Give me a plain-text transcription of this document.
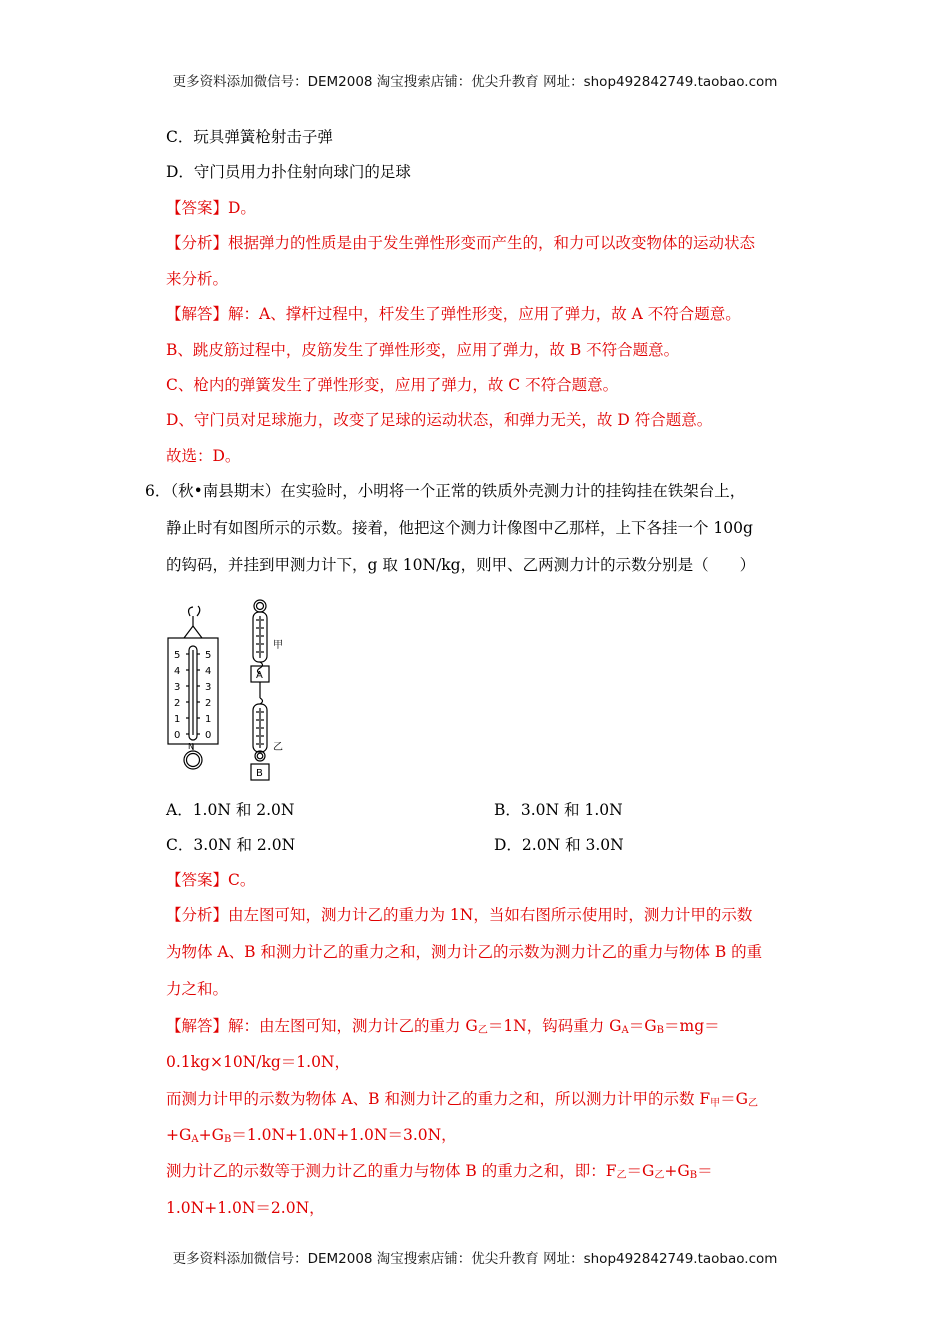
更多资料添加微信号：DEM2008 淘宝搜索店铺：优尖升教育 网址：shop492842749.taobao.com
C．玩具弹簧枪射击子弹
D．守门员用力扑住射向球门的足球
【答案】D。
【分析】根据弹力的性质是由于发生弹性形变而产生的，和力可以改变物体的运动状态
来分析。
【解答】解：A、撑杆过程中，杆发生了弹性形变，应用了弹力，故 A 不符合题意。
B、跳皮筋过程中，皮筋发生了弹性形变，应用了弹力，故 B 不符合题意。
C、枪内的弹簧发生了弹性形变，应用了弹力，故 C 不符合题意。
D、守门员对足球施力，改变了足球的运动状态，和弹力无关，故 D 符合题意。
故选：D。
6．（秋•南县期末）在实验时，小明将一个正常的铁质外壳测力计的挂钩挂在铁架台上，
静止时有如图所示的示数。接着，他把这个测力计像图中乙那样，上下各挂一个 100g
的钩码，并挂到甲测力计下，g 取 10N/kg，则甲、乙两测力计的示数分别是（　　）
5
4
3
2
1
0
5
4
3
2
1
0
N
甲
乙
A
B
A．1.0N 和 2.0N	B．3.0N 和 1.0N
C．3.0N 和 2.0N	D．2.0N 和 3.0N
【答案】C。
【分析】由左图可知，测力计乙的重力为 1N，当如右图所示使用时，测力计甲的示数
为物体 A、B 和测力计乙的重力之和，测力计乙的示数为测力计乙的重力与物体 B 的重
力之和。
【解答】解：由左图可知，测力计乙的重力 $G_乙=1N$，钩码重力 $G_A=G_B=mg=$
0.1kg×10N/kg＝1.0N，
而测力计甲的示数为物体 A、B 和测力计乙的重力之和，所以测力计甲的示数 $F_甲=G_乙$
$+G_A+G_B=1.0N+1.0N+1.0N=3.0N$，
测力计乙的示数等于测力计乙的重力与物体 B 的重力之和，即：$F_乙=G_乙+G_B=$
1.0N+1.0N＝2.0N，
更多资料添加微信号：DEM2008 淘宝搜索店铺：优尖升教育 网址：shop492842749.taobao.com
